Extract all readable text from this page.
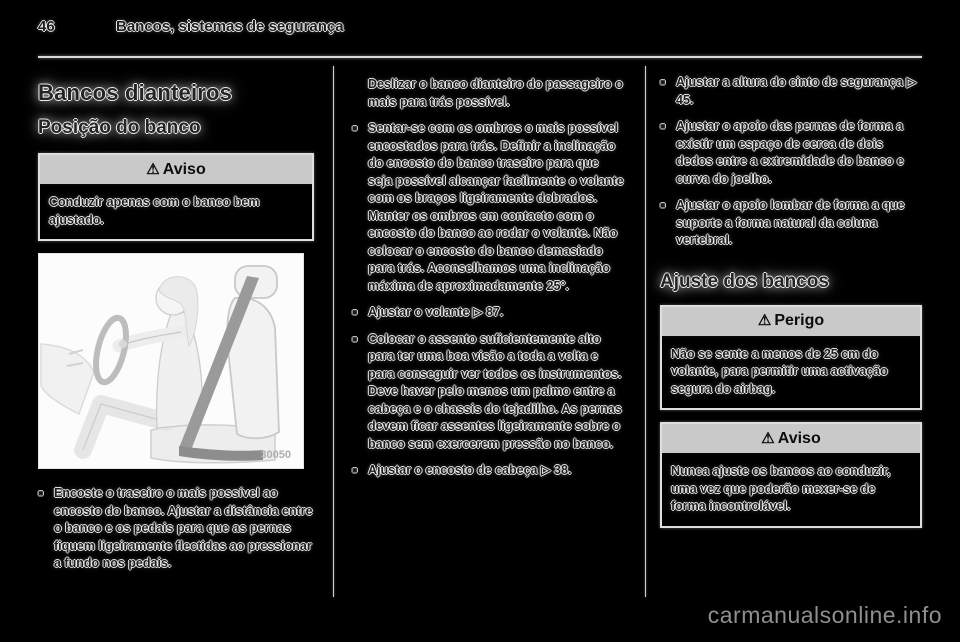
46	Bancos, sistemas de segurança
Bancos dianteiros
Posição do banco
⚠ Aviso
Conduzir apenas com o banco bem ajustado.
30050
■ Encoste o traseiro o mais possível ao encosto do banco. Ajustar a distância entre o banco e os pedais para que as pernas fiquem ligeiramente flectidas ao pressionar a fundo nos pedais.

Deslizar o banco dianteiro do passageiro o mais para trás possível.

■ Sentar-se com os ombros o mais possível encostados para trás. Definir a inclinação do encosto do banco traseiro para que seja possível alcançar facilmente o volante com os braços ligeiramente dobrados. Manter os ombros em contacto com o encosto do banco ao rodar o volante. Não colocar o encosto do banco demasiado para trás. Aconselhamos uma inclinação máxima de aproximadamente 25°.
■ Ajustar o volante ▷ 87.
■ Colocar o assento suficientemente alto para ter uma boa visão a toda a volta e para conseguir ver todos os instrumentos. Deve haver pelo menos um palmo entre a cabeça e o chassis do tejadilho. As pernas devem ficar assentes ligeiramente sobre o banco sem exercerem pressão no banco.
■ Ajustar o encosto de cabeça ▷ 38.
■ Ajustar a altura do cinto de segurança ▷ 45.
■ Ajustar o apoio das pernas de forma a existir um espaço de cerca de dois dedos entre a extremidade do banco e curva do joelho.
■ Ajustar o apoio lombar de forma a que suporte a forma natural da coluna vertebral.
Ajuste dos bancos
⚠ Perigo
Não se sente a menos de 25 cm do volante, para permitir uma activação segura do airbag.
⚠ Aviso
Nunca ajuste os bancos ao conduzir, uma vez que poderão mexer-se de forma incontrolável.
carmanualsonline.info
